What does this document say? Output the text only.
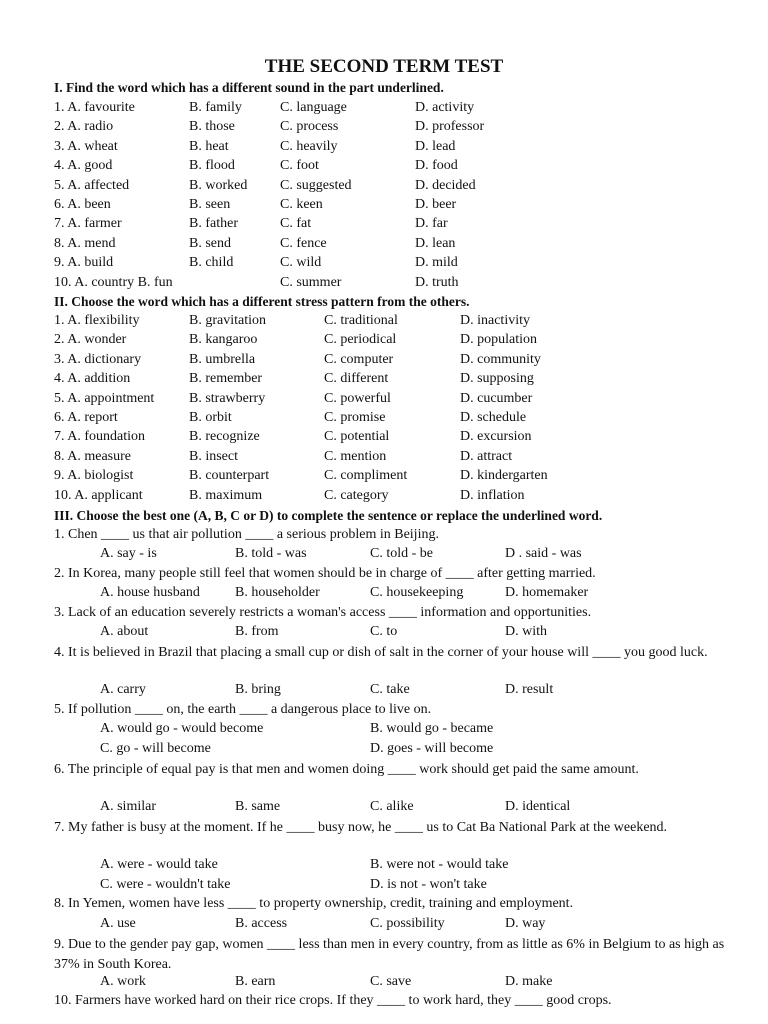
THE SECOND TERM TEST
I. Find the word which has a different sound in the part underlined.
1. A. favourite	B. family	C. language	D. activity
2. A. radio	B. those	C. process	D. professor
3. A. wheat	B. heat	C. heavily	D. lead
4. A. good	B. flood	C. foot	D. food
5. A. affected	B. worked C. suggested	D. decided
6. A. been	B. seen	C. keen	D. beer
7. A. farmer	B. father	C. fat	D. far
8. A. mend	B. send	C. fence	D. lean
9. A. build	B. child	C. wild	D. mild
10. A. country B. fun	C. summer	D. truth
II. Choose the word which has a different stress pattern from the others.
1. A. flexibility	B. gravitation	C. traditional	D. inactivity
2. A. wonder	B. kangaroo	C. periodical	D. population
3. A. dictionary	B. umbrella	C. computer	D. community
4. A. addition	B. remember	C. different	D. supposing
5. A. appointment B. strawberry	C. powerful	D. cucumber
6. A. report	B. orbit	C. promise	D. schedule
7. A. foundation	B. recognize	C. potential	D. excursion
8. A. measure	B. insect	C. mention	D. attract
9. A. biologist	B. counterpart	C. compliment	D. kindergarten
10. A. applicant	B. maximum	C. category	D. inflation
III. Choose the best one (A, B, C or D) to complete the sentence or replace the underlined word.
1. Chen ____ us that air pollution ____ a serious problem in Beijing.
A. say - is	B. told - was	C. told - be	D . said - was
2. In Korea, many people still feel that women should be in charge of ____ after getting married.
A. house husband	B. householder	C. housekeeping	D. homemaker
3. Lack of an education severely restricts a woman's access ____ information and opportunities.
A. about	B. from	C. to	D. with
4. It is believed in Brazil that placing a small cup or dish of salt in the corner of your house will ____ you good luck.
A. carry	B. bring	C. take	D. result
5. If pollution ____ on, the earth ____ a dangerous place to live on.
A. would go - would become	B. would go - became
C. go - will become	D. goes - will become
6. The principle of equal pay is that men and women doing ____ work should get paid the same amount.
A. similar	B. same	C. alike	D. identical
7. My father is busy at the moment. If he ____ busy now, he ____ us to Cat Ba National Park at the weekend.
A. were - would take	B. were not - would take
C. were - wouldn't take	D. is not - won't take
8. In Yemen, women have less ____ to property ownership, credit, training and employment.
A. use	B. access	C. possibility	D. way
9. Due to the gender pay gap, women ____ less than men in every country, from as little as 6% in Belgium to as high as 37% in South Korea.
A. work	B. earn	C. save	D. make
10. Farmers have worked hard on their rice crops. If they ____ to work hard, they ____ good crops.
